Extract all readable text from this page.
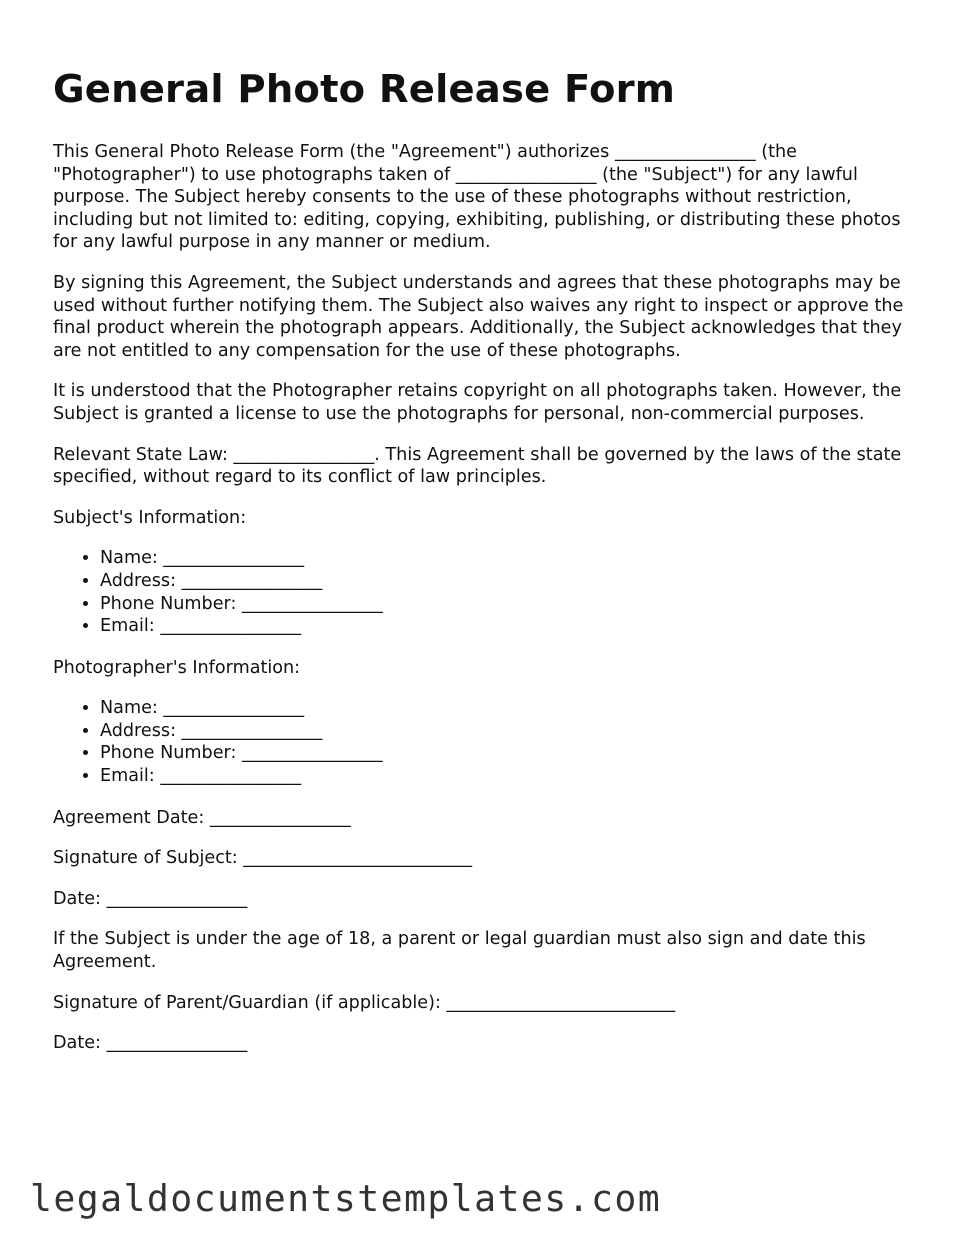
General Photo Release Form

This General Photo Release Form (the "Agreement") authorizes ________________ (the "Photographer") to use photographs taken of ________________ (the "Subject") for any lawful purpose. The Subject hereby consents to the use of these photographs without restriction, including but not limited to: editing, copying, exhibiting, publishing, or distributing these photos for any lawful purpose in any manner or medium.

By signing this Agreement, the Subject understands and agrees that these photographs may be used without further notifying them. The Subject also waives any right to inspect or approve the final product wherein the photograph appears. Additionally, the Subject acknowledges that they are not entitled to any compensation for the use of these photographs.

It is understood that the Photographer retains copyright on all photographs taken. However, the Subject is granted a license to use the photographs for personal, non-commercial purposes.

Relevant State Law: ________________. This Agreement shall be governed by the laws of the state specified, without regard to its conflict of law principles.

Subject's Information:

• Name: ________________
• Address: ________________
• Phone Number: ________________
• Email: ________________

Photographer's Information:

• Name: ________________
• Address: ________________
• Phone Number: ________________
• Email: ________________

Agreement Date: ________________

Signature of Subject: __________________________

Date: ________________

If the Subject is under the age of 18, a parent or legal guardian must also sign and date this Agreement.

Signature of Parent/Guardian (if applicable): __________________________

Date: ________________

legaldocumentstemplates.com
